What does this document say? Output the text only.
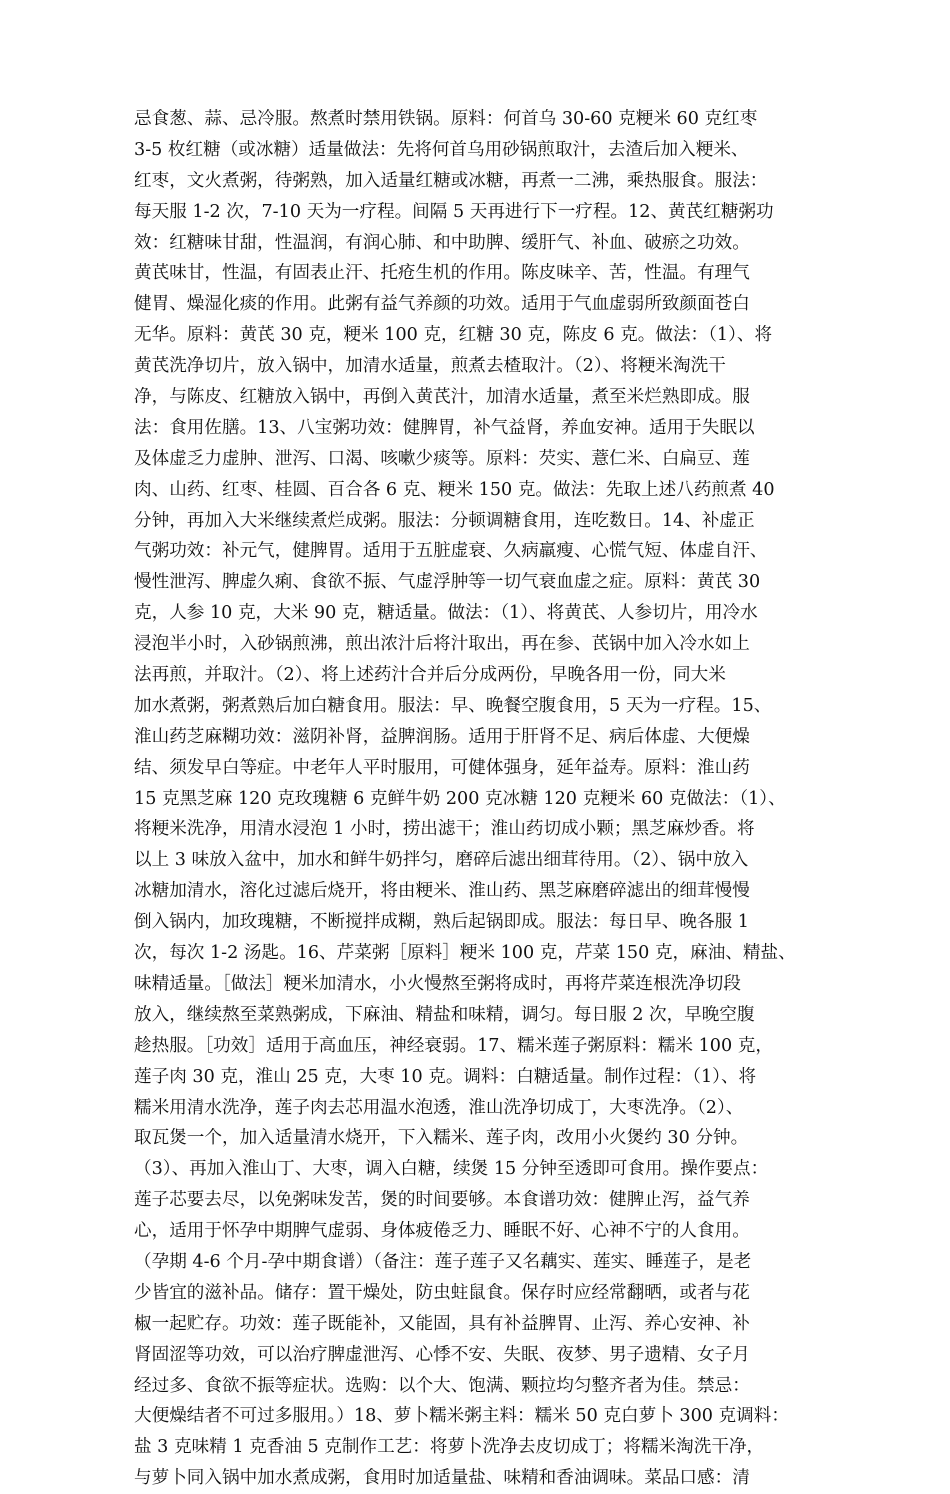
忌食葱、蒜、忌冷服。熬煮时禁用铁锅。原料：何首乌 30-60 克粳米 60 克红枣
3-5 枚红糖（或冰糖）适量做法：先将何首乌用砂锅煎取汁，去渣后加入粳米、
红枣，文火煮粥，待粥熟，加入适量红糖或冰糖，再煮一二沸，乘热服食。服法：
每天服 1-2 次，7-10 天为一疗程。间隔 5 天再进行下一疗程。12、黄芪红糖粥功
效：红糖味甘甜，性温润，有润心肺、和中助脾、缓肝气、补血、破瘀之功效。
黄芪味甘，性温，有固表止汗、托疮生机的作用。陈皮味辛、苦，性温。有理气
健胃、燥湿化痰的作用。此粥有益气养颜的功效。适用于气血虚弱所致颜面苍白
无华。原料：黄芪 30 克，粳米 100 克，红糖 30 克，陈皮 6 克。做法：（1）、将
黄芪洗净切片，放入锅中，加清水适量，煎煮去楂取汁。（2）、将粳米淘洗干
净，与陈皮、红糖放入锅中，再倒入黄芪汁，加清水适量，煮至米烂熟即成。服
法：食用佐膳。13、八宝粥功效：健脾胃，补气益肾，养血安神。适用于失眠以
及体虚乏力虚肿、泄泻、口渴、咳嗽少痰等。原料：芡实、薏仁米、白扁豆、莲
肉、山药、红枣、桂圆、百合各 6 克、粳米 150 克。做法：先取上述八药煎煮 40
分钟，再加入大米继续煮烂成粥。服法：分顿调糖食用，连吃数日。14、补虚正
气粥功效：补元气，健脾胃。适用于五脏虚衰、久病羸瘦、心慌气短、体虚自汗、
慢性泄泻、脾虚久痢、食欲不振、气虚浮肿等一切气衰血虚之症。原料：黄芪 30
克，人参 10 克，大米 90 克，糖适量。做法：（1）、将黄芪、人参切片，用冷水
浸泡半小时，入砂锅煎沸，煎出浓汁后将汁取出，再在参、芪锅中加入冷水如上
法再煎，并取汁。（2）、将上述药汁合并后分成两份，早晚各用一份，同大米
加水煮粥，粥煮熟后加白糖食用。服法：早、晚餐空腹食用，5 天为一疗程。15、
淮山药芝麻糊功效：滋阴补肾，益脾润肠。适用于肝肾不足、病后体虚、大便燥
结、须发早白等症。中老年人平时服用，可健体强身，延年益寿。原料：淮山药
15 克黑芝麻 120 克玫瑰糖 6 克鲜牛奶 200 克冰糖 120 克粳米 60 克做法：（1）、
将粳米洗净，用清水浸泡 1 小时，捞出滤干；淮山药切成小颗；黑芝麻炒香。将
以上 3 味放入盆中，加水和鲜牛奶拌匀，磨碎后滤出细茸待用。（2）、锅中放入
冰糖加清水，溶化过滤后烧开，将由粳米、淮山药、黑芝麻磨碎滤出的细茸慢慢
倒入锅内，加玫瑰糖，不断搅拌成糊，熟后起锅即成。服法：每日早、晚各服 1
次，每次 1-2 汤匙。16、芹菜粥［原料］粳米 100 克，芹菜 150 克，麻油、精盐、
味精适量。［做法］粳米加清水，小火慢熬至粥将成时，再将芹菜连根洗净切段
放入，继续熬至菜熟粥成，下麻油、精盐和味精，调匀。每日服 2 次，早晚空腹
趁热服。［功效］适用于高血压，神经衰弱。17、糯米莲子粥原料：糯米 100 克，
莲子肉 30 克，淮山 25 克，大枣 10 克。调料：白糖适量。制作过程：（1）、将
糯米用清水洗净，莲子肉去芯用温水泡透，淮山洗净切成丁，大枣洗净。（2）、
取瓦煲一个，加入适量清水烧开，下入糯米、莲子肉，改用小火煲约 30 分钟。
（3）、再加入淮山丁、大枣，调入白糖，续煲 15 分钟至透即可食用。操作要点：
莲子芯要去尽，以免粥味发苦，煲的时间要够。本食谱功效：健脾止泻，益气养
心，适用于怀孕中期脾气虚弱、身体疲倦乏力、睡眠不好、心神不宁的人食用。
（孕期 4-6 个月-孕中期食谱）（备注：莲子莲子又名藕实、莲实、睡莲子，是老
少皆宜的滋补品。储存：置干燥处，防虫蛀鼠食。保存时应经常翻晒，或者与花
椒一起贮存。功效：莲子既能补，又能固，具有补益脾胃、止泻、养心安神、补
肾固涩等功效，可以治疗脾虚泄泻、心悸不安、失眠、夜梦、男子遗精、女子月
经过多、食欲不振等症状。选购：以个大、饱满、颗拉均匀整齐者为佳。禁忌：
大便燥结者不可过多服用。）18、萝卜糯米粥主料：糯米 50 克白萝卜 300 克调料：
盐 3 克味精 1 克香油 5 克制作工艺：将萝卜洗净去皮切成丁；将糯米淘洗干净，
与萝卜同入锅中加水煮成粥，食用时加适量盐、味精和香油调味。菜品口感：清
